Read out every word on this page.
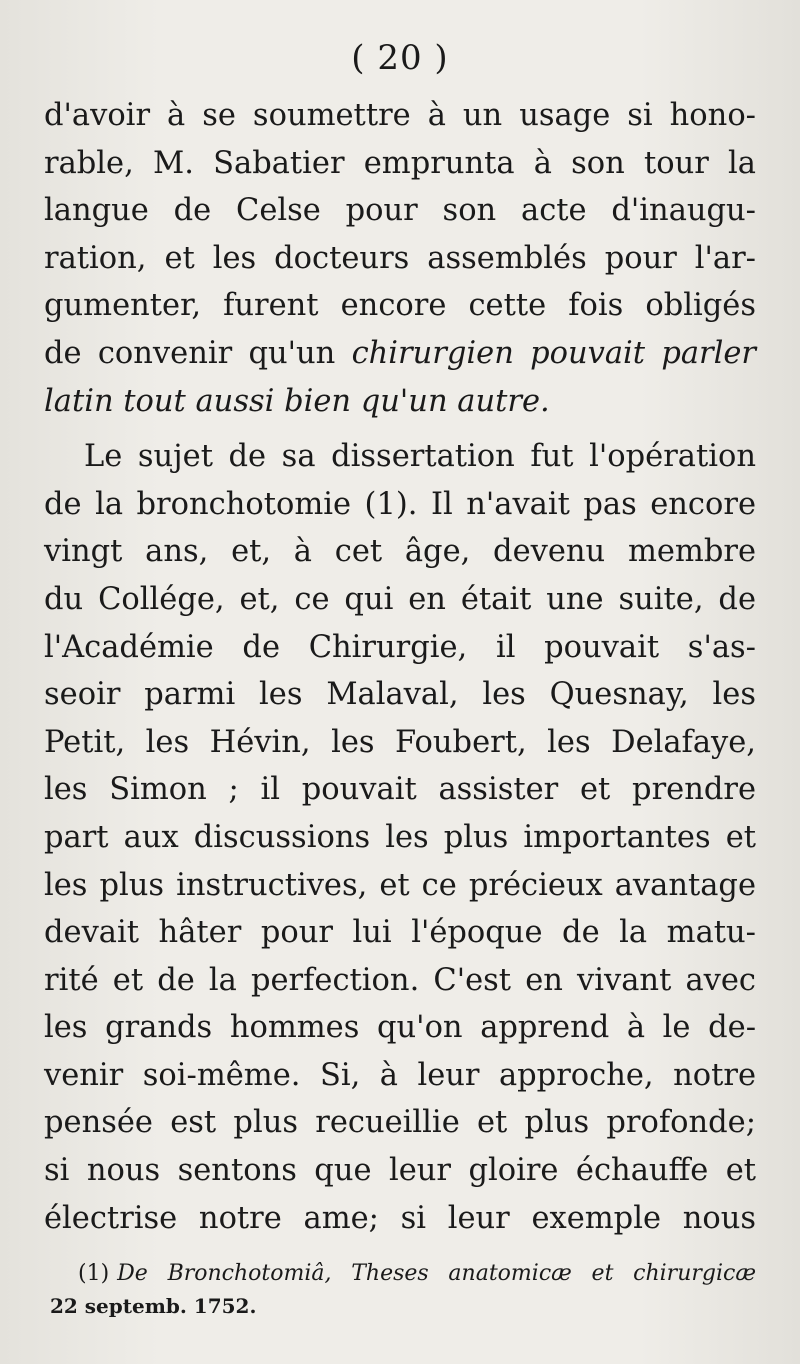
( 20 )
d'avoir à se soumettre à un usage si hono-
rable, M. Sabatier emprunta à son tour la
langue de Celse pour son acte d'inaugu-
ration, et les docteurs assemblés pour l'ar-
gumenter, furent encore cette fois obligés
de convenir qu'un chirurgien pouvait parler
latin tout aussi bien qu'un autre.
Le sujet de sa dissertation fut l'opération
de la bronchotomie (1). Il n'avait pas encore
vingt ans, et, à cet âge, devenu membre
du Collége, et, ce qui en était une suite, de
l'Académie de Chirurgie, il pouvait s'as-
seoir parmi les Malaval, les Quesnay, les
Petit, les Hévin, les Foubert, les Delafaye,
les Simon ; il pouvait assister et prendre
part aux discussions les plus importantes et
les plus instructives, et ce précieux avantage
devait hâter pour lui l'époque de la matu-
rité et de la perfection. C'est en vivant avec
les grands hommes qu'on apprend à le de-
venir soi-même. Si, à leur approche, notre
pensée est plus recueillie et plus profonde;
si nous sentons que leur gloire échauffe et
électrise notre ame; si leur exemple nous
(1) De Bronchotomiâ, Theses anatomicæ et chirurgicæ
22 septemb. 1752.
